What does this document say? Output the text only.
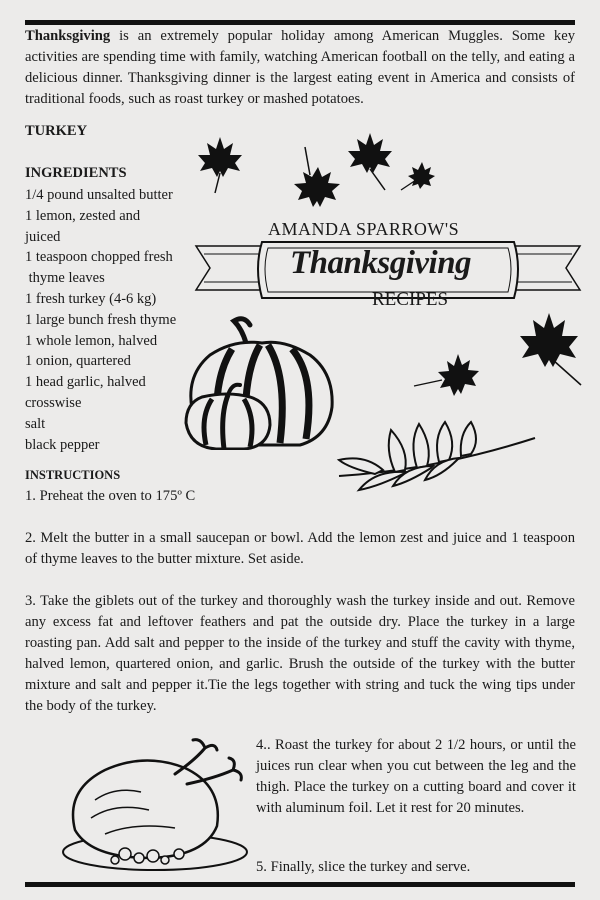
Thanksgiving is an extremely popular holiday among American Muggles. Some key activities are spending time with family, watching American football on the telly, and eating a delicious dinner. Thanksgiving dinner is the largest eating event in America and consists of traditional foods, such as roast turkey or mashed potatoes.

TURKEY
INGREDIENTS
1/4 pound unsalted butter
1 lemon, zested and
juiced
1 teaspoon chopped fresh
thyme leaves
1 fresh turkey (4-6 kg)
1 large bunch fresh thyme
1 whole lemon, halved
1 onion, quartered
1 head garlic, halved
crosswise
salt
black pepper

AMANDA SPARROW'S

Thanksgiving

RECIPES

INSTRUCTIONS

1. Preheat the oven to 175º C

2. Melt the butter in a small saucepan or bowl. Add the lemon zest and juice and 1 teaspoon of thyme leaves to the butter mixture. Set aside.

3. Take the giblets out of the turkey and thoroughly wash the turkey inside and out. Remove any excess fat and leftover feathers and pat the outside dry. Place the turkey in a large roasting pan. Add salt and pepper to the inside of the turkey and stuff the cavity with thyme, halved lemon, quartered onion, and garlic. Brush the outside of the turkey with the butter mixture and salt and pepper it.Tie the legs together with string and tuck the wing tips under the body of the turkey.

4.. Roast the turkey for about 2 1/2 hours, or until the juices run clear when you cut between the leg and the thigh. Place the turkey on a cutting board and cover it with aluminum foil. Let it rest for 20 minutes.

5. Finally, slice the turkey and serve.
